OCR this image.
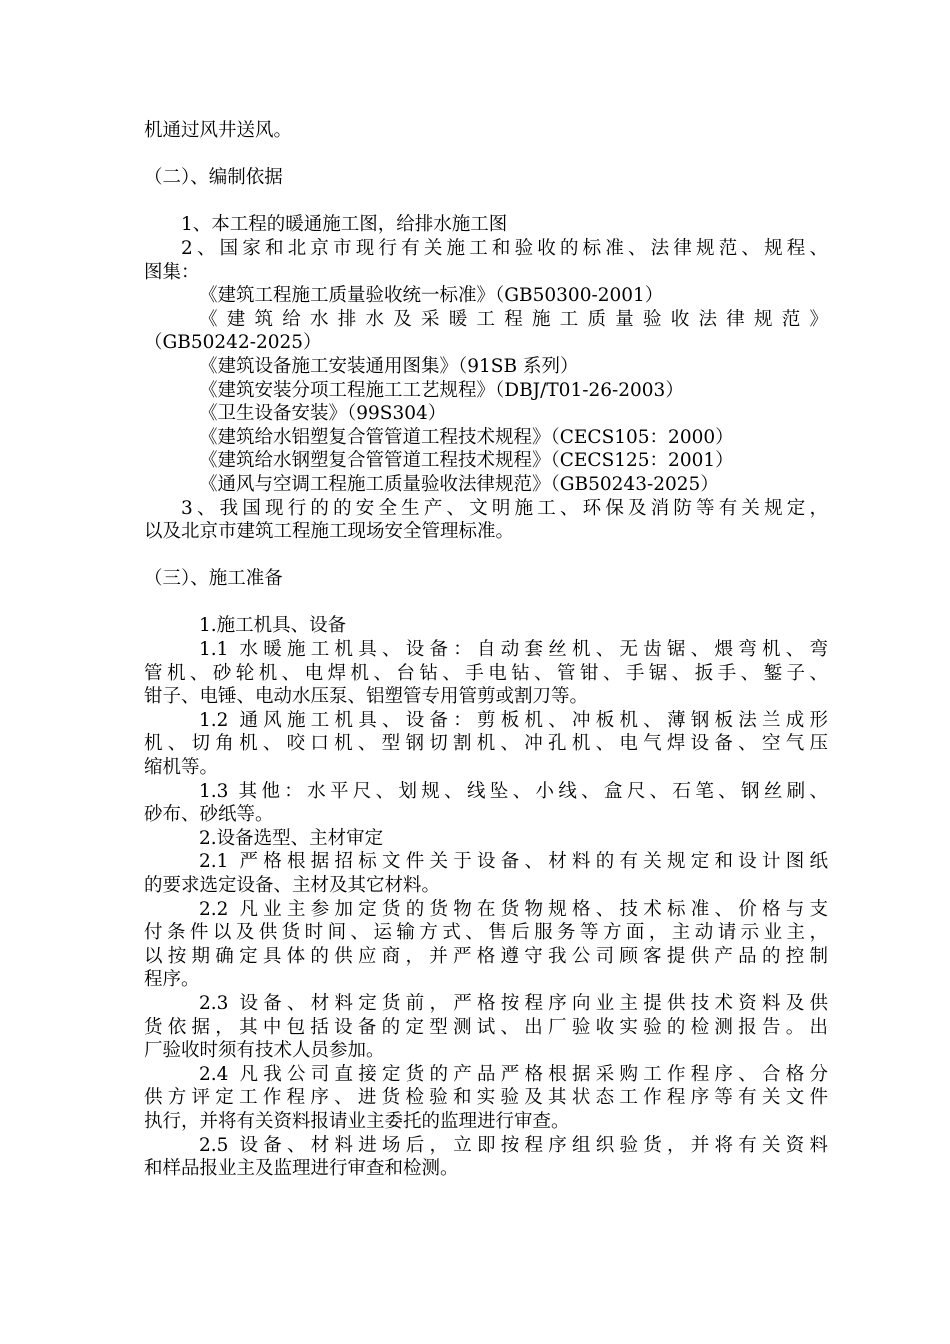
机通过风井送风。
（二）、编制依据
1、本工程的暖通施工图，给排水施工图
2、国家和北京市现行有关施工和验收的标准、法律规范、规程、
图集：
《建筑工程施工质量验收统一标准》（GB50300-2001）
《建筑给水排水及采暖工程施工质量验收法律规范》
（GB50242-2025）
《建筑设备施工安装通用图集》（91SB 系列）
《建筑安装分项工程施工工艺规程》（DBJ/T01-26-2003）
《卫生设备安装》（99S304）
《建筑给水铝塑复合管管道工程技术规程》（CECS105：2000）
《建筑给水钢塑复合管管道工程技术规程》（CECS125：2001）
《通风与空调工程施工质量验收法律规范》（GB50243-2025）
3、我国现行的的安全生产、文明施工、环保及消防等有关规定，
以及北京市建筑工程施工现场安全管理标准。
（三）、施工准备
1.施工机具、设备
1.1 水暖施工机具、设备：自动套丝机、无齿锯、煨弯机、弯
管机、砂轮机、电焊机、台钻、手电钻、管钳、手锯、扳手、錾子、
钳子、电锤、电动水压泵、铝塑管专用管剪或割刀等。
1.2 通风施工机具、设备：剪板机、冲板机、薄钢板法兰成形
机、切角机、咬口机、型钢切割机、冲孔机、电气焊设备、空气压
缩机等。
1.3 其他：水平尺、划规、线坠、小线、盒尺、石笔、钢丝刷、
砂布、砂纸等。
2.设备选型、主材审定
2.1 严格根据招标文件关于设备、材料的有关规定和设计图纸
的要求选定设备、主材及其它材料。
2.2 凡业主参加定货的货物在货物规格、技术标准、价格与支
付条件以及供货时间、运输方式、售后服务等方面，主动请示业主，
以按期确定具体的供应商，并严格遵守我公司顾客提供产品的控制
程序。
2.3 设备、材料定货前，严格按程序向业主提供技术资料及供
货依据，其中包括设备的定型测试、出厂验收实验的检测报告。出
厂验收时须有技术人员参加。
2.4 凡我公司直接定货的产品严格根据采购工作程序、合格分
供方评定工作程序、进货检验和实验及其状态工作程序等有关文件
执行，并将有关资料报请业主委托的监理进行审查。
2.5 设备、材料进场后，立即按程序组织验货，并将有关资料
和样品报业主及监理进行审查和检测。
